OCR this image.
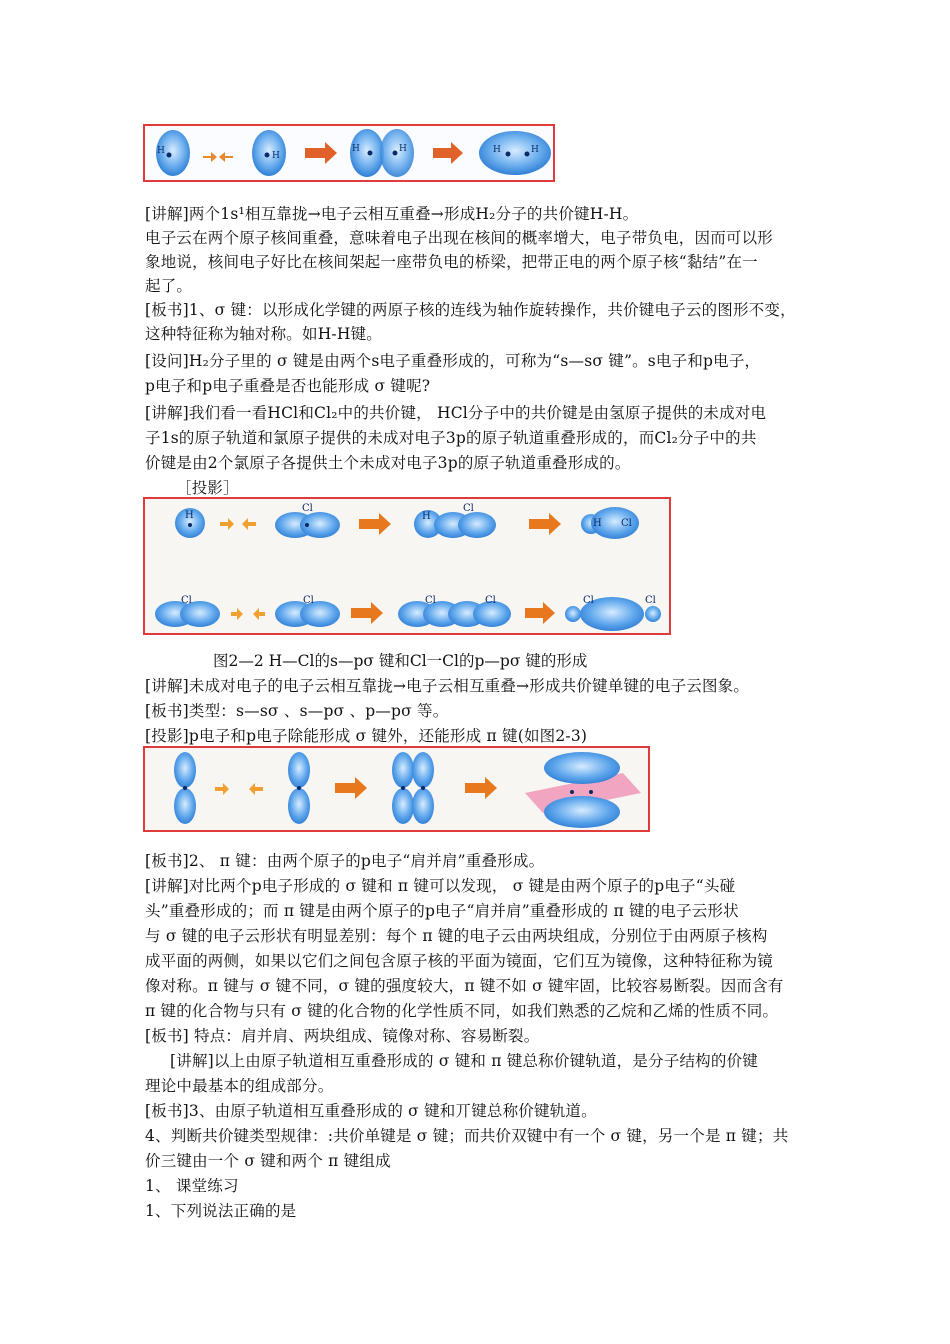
H	H
H	H	H	H
[讲解]两个1s¹相互靠拢→电子云相互重叠→形成H₂分子的共价键H-H。
电子云在两个原子核间重叠，意味着电子出现在核间的概率增大，电子带负电，因而可以形
象地说，核间电子好比在核间架起一座带负电的桥梁，把带正电的两个原子核“黏结”在一
起了。
[板书]1、σ 键：以形成化学键的两原子核的连线为轴作旋转操作，共价键电子云的图形不变，
这种特征称为轴对称。如H-H键。
[设问]H₂分子里的 σ 键是由两个s电子重叠形成的，可称为“s—sσ 键”。s电子和p电子，
p电子和p电子重叠是否也能形成 σ 键呢?
[讲解]我们看一看HCl和Cl₂中的共价键， HCl分子中的共价键是由氢原子提供的未成对电
子1s的原子轨道和氯原子提供的未成对电子3p的原子轨道重叠形成的，而Cl₂分子中的共
价键是由2个氯原子各提供土个未成对电子3p的原子轨道重叠形成的。
［投影］
H
Cl
H
Cl
H Cl
Cl	Cl	Cl	Cl	Cl	Cl
图2—2 H—Cl的s—pσ 键和Cl一Cl的p—pσ 键的形成
[讲解]未成对电子的电子云相互靠拢→电子云相互重叠→形成共价键单键的电子云图象。
[板书]类型：s—sσ 、s—pσ 、p—pσ 等。
[投影]p电子和p电子除能形成 σ 键外，还能形成 π 键(如图2-3)
[板书]2、 π 键：由两个原子的p电子“肩并肩”重叠形成。
[讲解]对比两个p电子形成的 σ 键和 π 键可以发现， σ 键是由两个原子的p电子“头碰
头”重叠形成的；而 π 键是由两个原子的p电子“肩并肩”重叠形成的 π 键的电子云形状
与 σ 键的电子云形状有明显差别：每个 π 键的电子云由两块组成，分别位于由两原子核构
成平面的两侧，如果以它们之间包含原子核的平面为镜面，它们互为镜像，这种特征称为镜
像对称。π 键与 σ 键不同，σ 键的强度较大，π 键不如 σ 键牢固，比较容易断裂。因而含有
π 键的化合物与只有 σ 键的化合物的化学性质不同，如我们熟悉的乙烷和乙烯的性质不同。
[板书] 特点：肩并肩、两块组成、镜像对称、容易断裂。
[讲解]以上由原子轨道相互重叠形成的 σ 键和 π 键总称价键轨道，是分子结构的价键
理论中最基本的组成部分。
[板书]3、由原子轨道相互重叠形成的 σ 键和丌键总称价键轨道。
4、判断共价键类型规律：:共价单键是 σ 键；而共价双键中有一个 σ 键，另一个是 π 键；共
价三键由一个 σ 键和两个 π 键组成
1、 课堂练习
1、下列说法正确的是
